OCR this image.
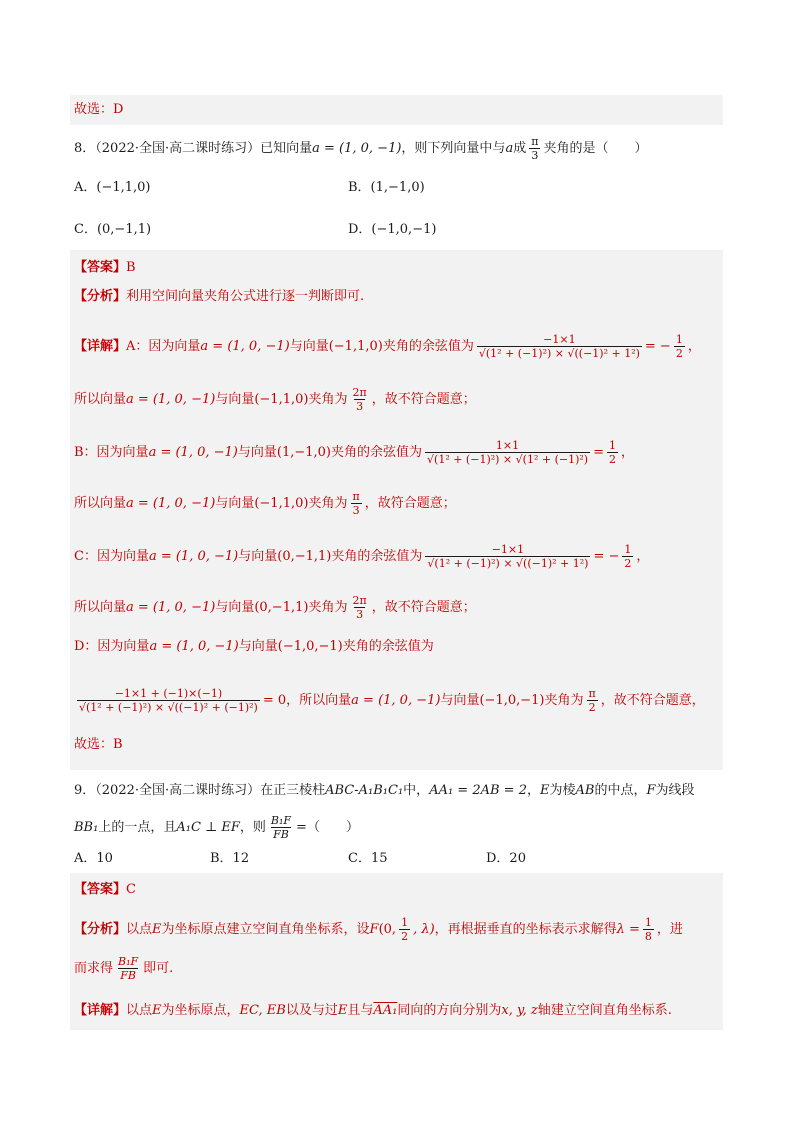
故选：D
8．（2022·全国·高二课时练习）已知向量 a = (1, 0, −1) ，则下列向量中与 a 成 $\frac{\pi}{3}$ 夹角的是（　　）
A．(−1,1,0)	B．(1,−1,0)
C．(0,−1,1)	D．(−1,0,−1)
【答案】 B
【分析】 利用空间向量夹角公式进行逐一判断即可.
【详解】 A：因为向量 a = (1, 0, −1) 与向量 (−1,1,0) 夹角的余弦值为 $\frac{-1\times 1}{\text{√(1² + (−1)²) × √((−1)² + 1²)}}$ = − $\frac{1}{2}$ ，
所以向量 a = (1, 0, −1) 与向量 (−1,1,0) 夹角为 $\frac{2\pi}{3}$ ，故不符合题意；
B：因为向量 a = (1, 0, −1) 与向量 (1,−1,0) 夹角的余弦值为 $\frac{1\times 1}{\text{√(1² + (−1)²) × √(1² + (−1)²)}} = \frac{1}{2}$ ，
所以向量 a = (1, 0, −1) 与向量 (−1,1,0) 夹角为 $\frac{\pi}{3}$ ，故符合题意；
C：因为向量 a = (1, 0, −1) 与向量 (0,−1,1) 夹角的余弦值为 $\frac{-1\times 1}{\text{√(1² + (−1)²) × √((−1)² + 1²)}}$ = − $\frac{1}{2}$ ，
所以向量 a = (1, 0, −1) 与向量 (0,−1,1) 夹角为 $\frac{2\pi}{3}$ ，故不符合题意；
D：因为向量 a = (1, 0, −1) 与向量 (−1,0,−1) 夹角的余弦值为
$\frac{-1\times 1 + (-1)\times(-1)}{\text{√(1² + (−1)²) × √((−1)² + (−1)²)}} = 0$ ，所以向量 a = (1, 0, −1) 与向量 (−1,0,−1) 夹角为 $\frac{\pi}{2}$ ，故不符合题意，
故选：B
9．（2022·全国·高二课时练习）在正三棱柱 ABC-A₁B₁C₁ 中， AA₁ = 2AB = 2 ， E 为棱 AB 的中点， F 为线段
BB₁ 上的一点，且 A₁C ⊥ EF ，则 $\frac{\text{B₁F}}{FB}$ =（　　）
A．10	B．12	C．15	D．20
【答案】 C
【分析】 以点 E 为坐标原点建立空间直角坐标系，设 F (0, $\frac{1}{2}$ , λ) ，再根据垂直的坐标表示求解得 $\lambda = \frac{1}{8}$ ，进
而求得 $\frac{\text{B₁F}}{FB}$ 即可.
【详解】 以点 E 为坐标原点， EC, EB 以及与过 E 且与 AA₁ 同向的方向分别为 x, y, z 轴建立空间直角坐标系.
